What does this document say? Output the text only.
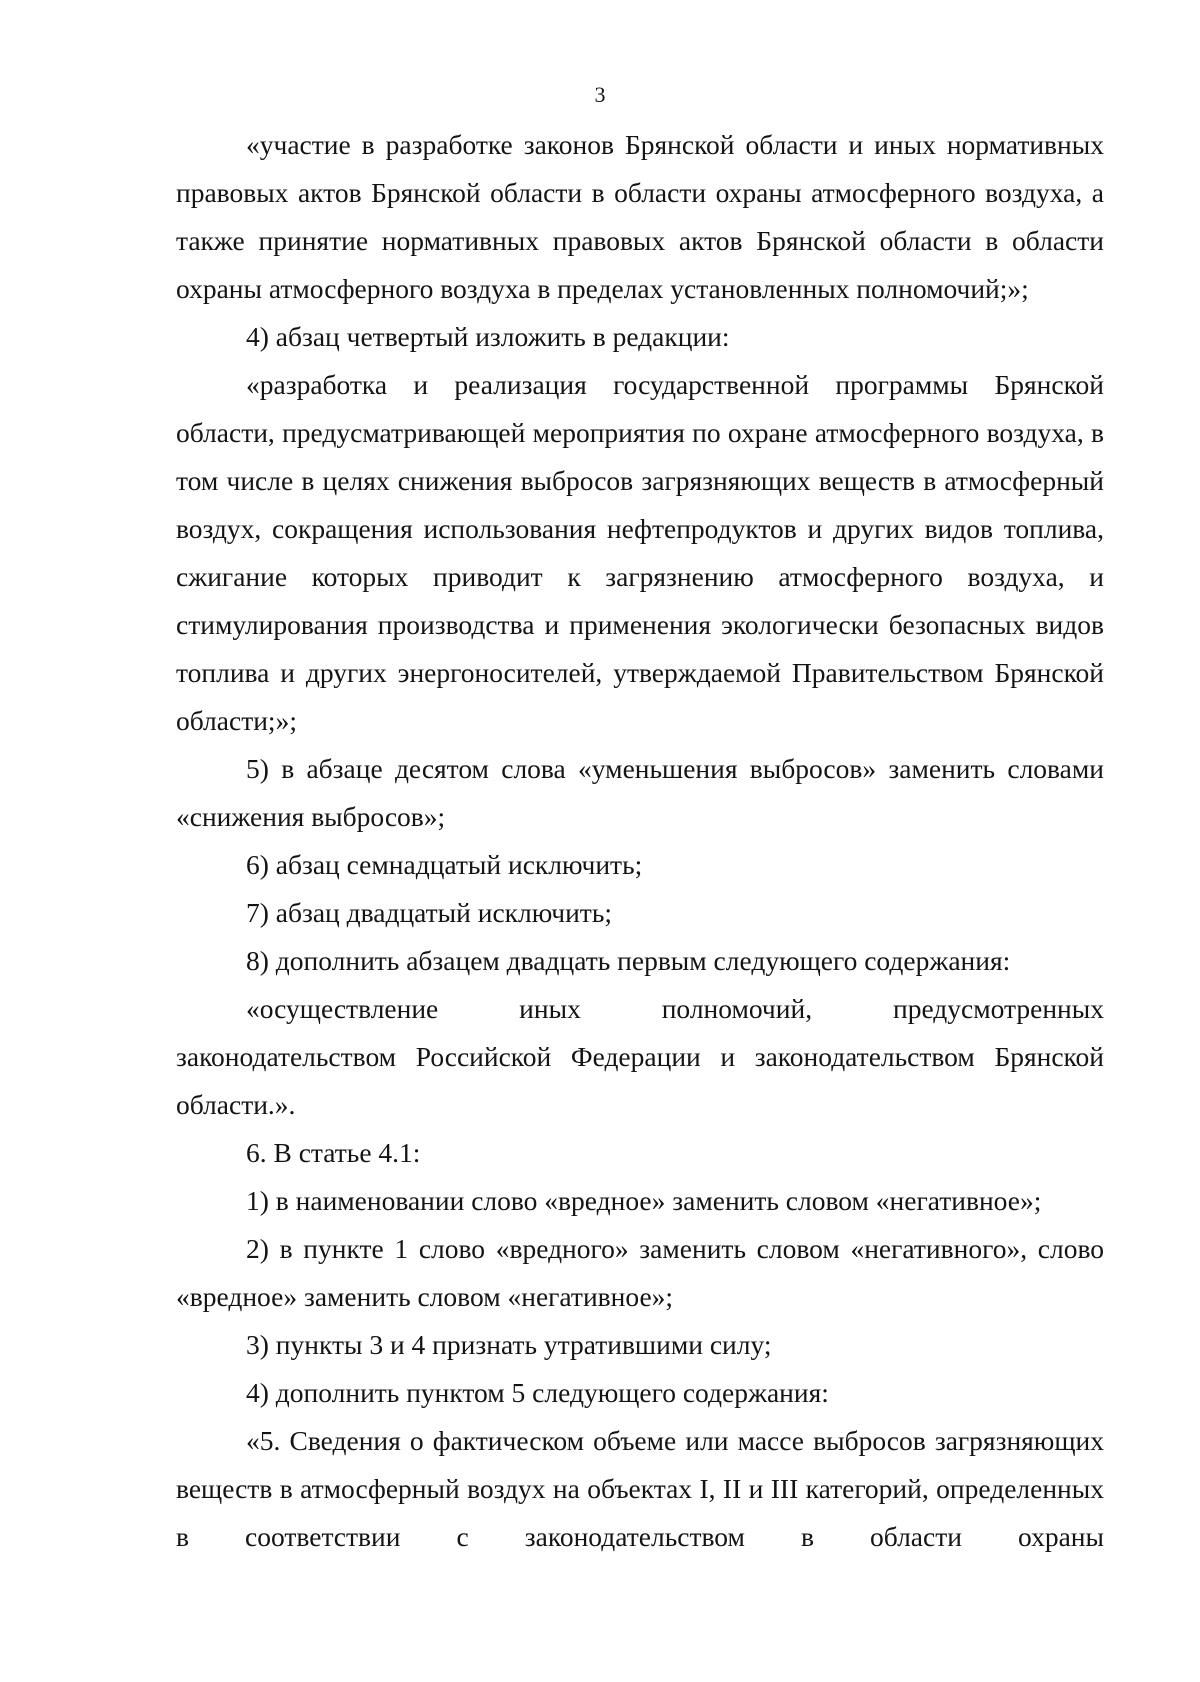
3

«участие в разработке законов Брянской области и иных нормативных правовых актов Брянской области в области охраны атмосферного воздуха, а также принятие нормативных правовых актов Брянской области в области охраны атмосферного воздуха в пределах установленных полномочий;»;

4) абзац четвертый изложить в редакции:

«разработка и реализация государственной программы Брянской области, предусматривающей мероприятия по охране атмосферного воздуха, в том числе в целях снижения выбросов загрязняющих веществ в атмосферный воздух, сокращения использования нефтепродуктов и других видов топлива, сжигание которых приводит к загрязнению атмосферного воздуха, и стимулирования производства и применения экологически безопасных видов топлива и других энергоносителей, утверждаемой Правительством Брянской области;»;

5) в абзаце десятом слова «уменьшения выбросов» заменить словами «снижения выбросов»;

6) абзац семнадцатый исключить;

7) абзац двадцатый исключить;

8) дополнить абзацем двадцать первым следующего содержания:

«осуществление иных полномочий, предусмотренных законодательством Российской Федерации и законодательством Брянской области.».

6. В статье 4.1:

1) в наименовании слово «вредное» заменить словом «негативное»;

2) в пункте 1 слово «вредного» заменить словом «негативного», слово «вредное» заменить словом «негативное»;

3) пункты 3 и 4 признать утратившими силу;

4) дополнить пунктом 5 следующего содержания:

«5. Сведения о фактическом объеме или массе выбросов загрязняющих веществ в атмосферный воздух на объектах I, II и III категорий, определенных в соответствии с законодательством в области охраны
